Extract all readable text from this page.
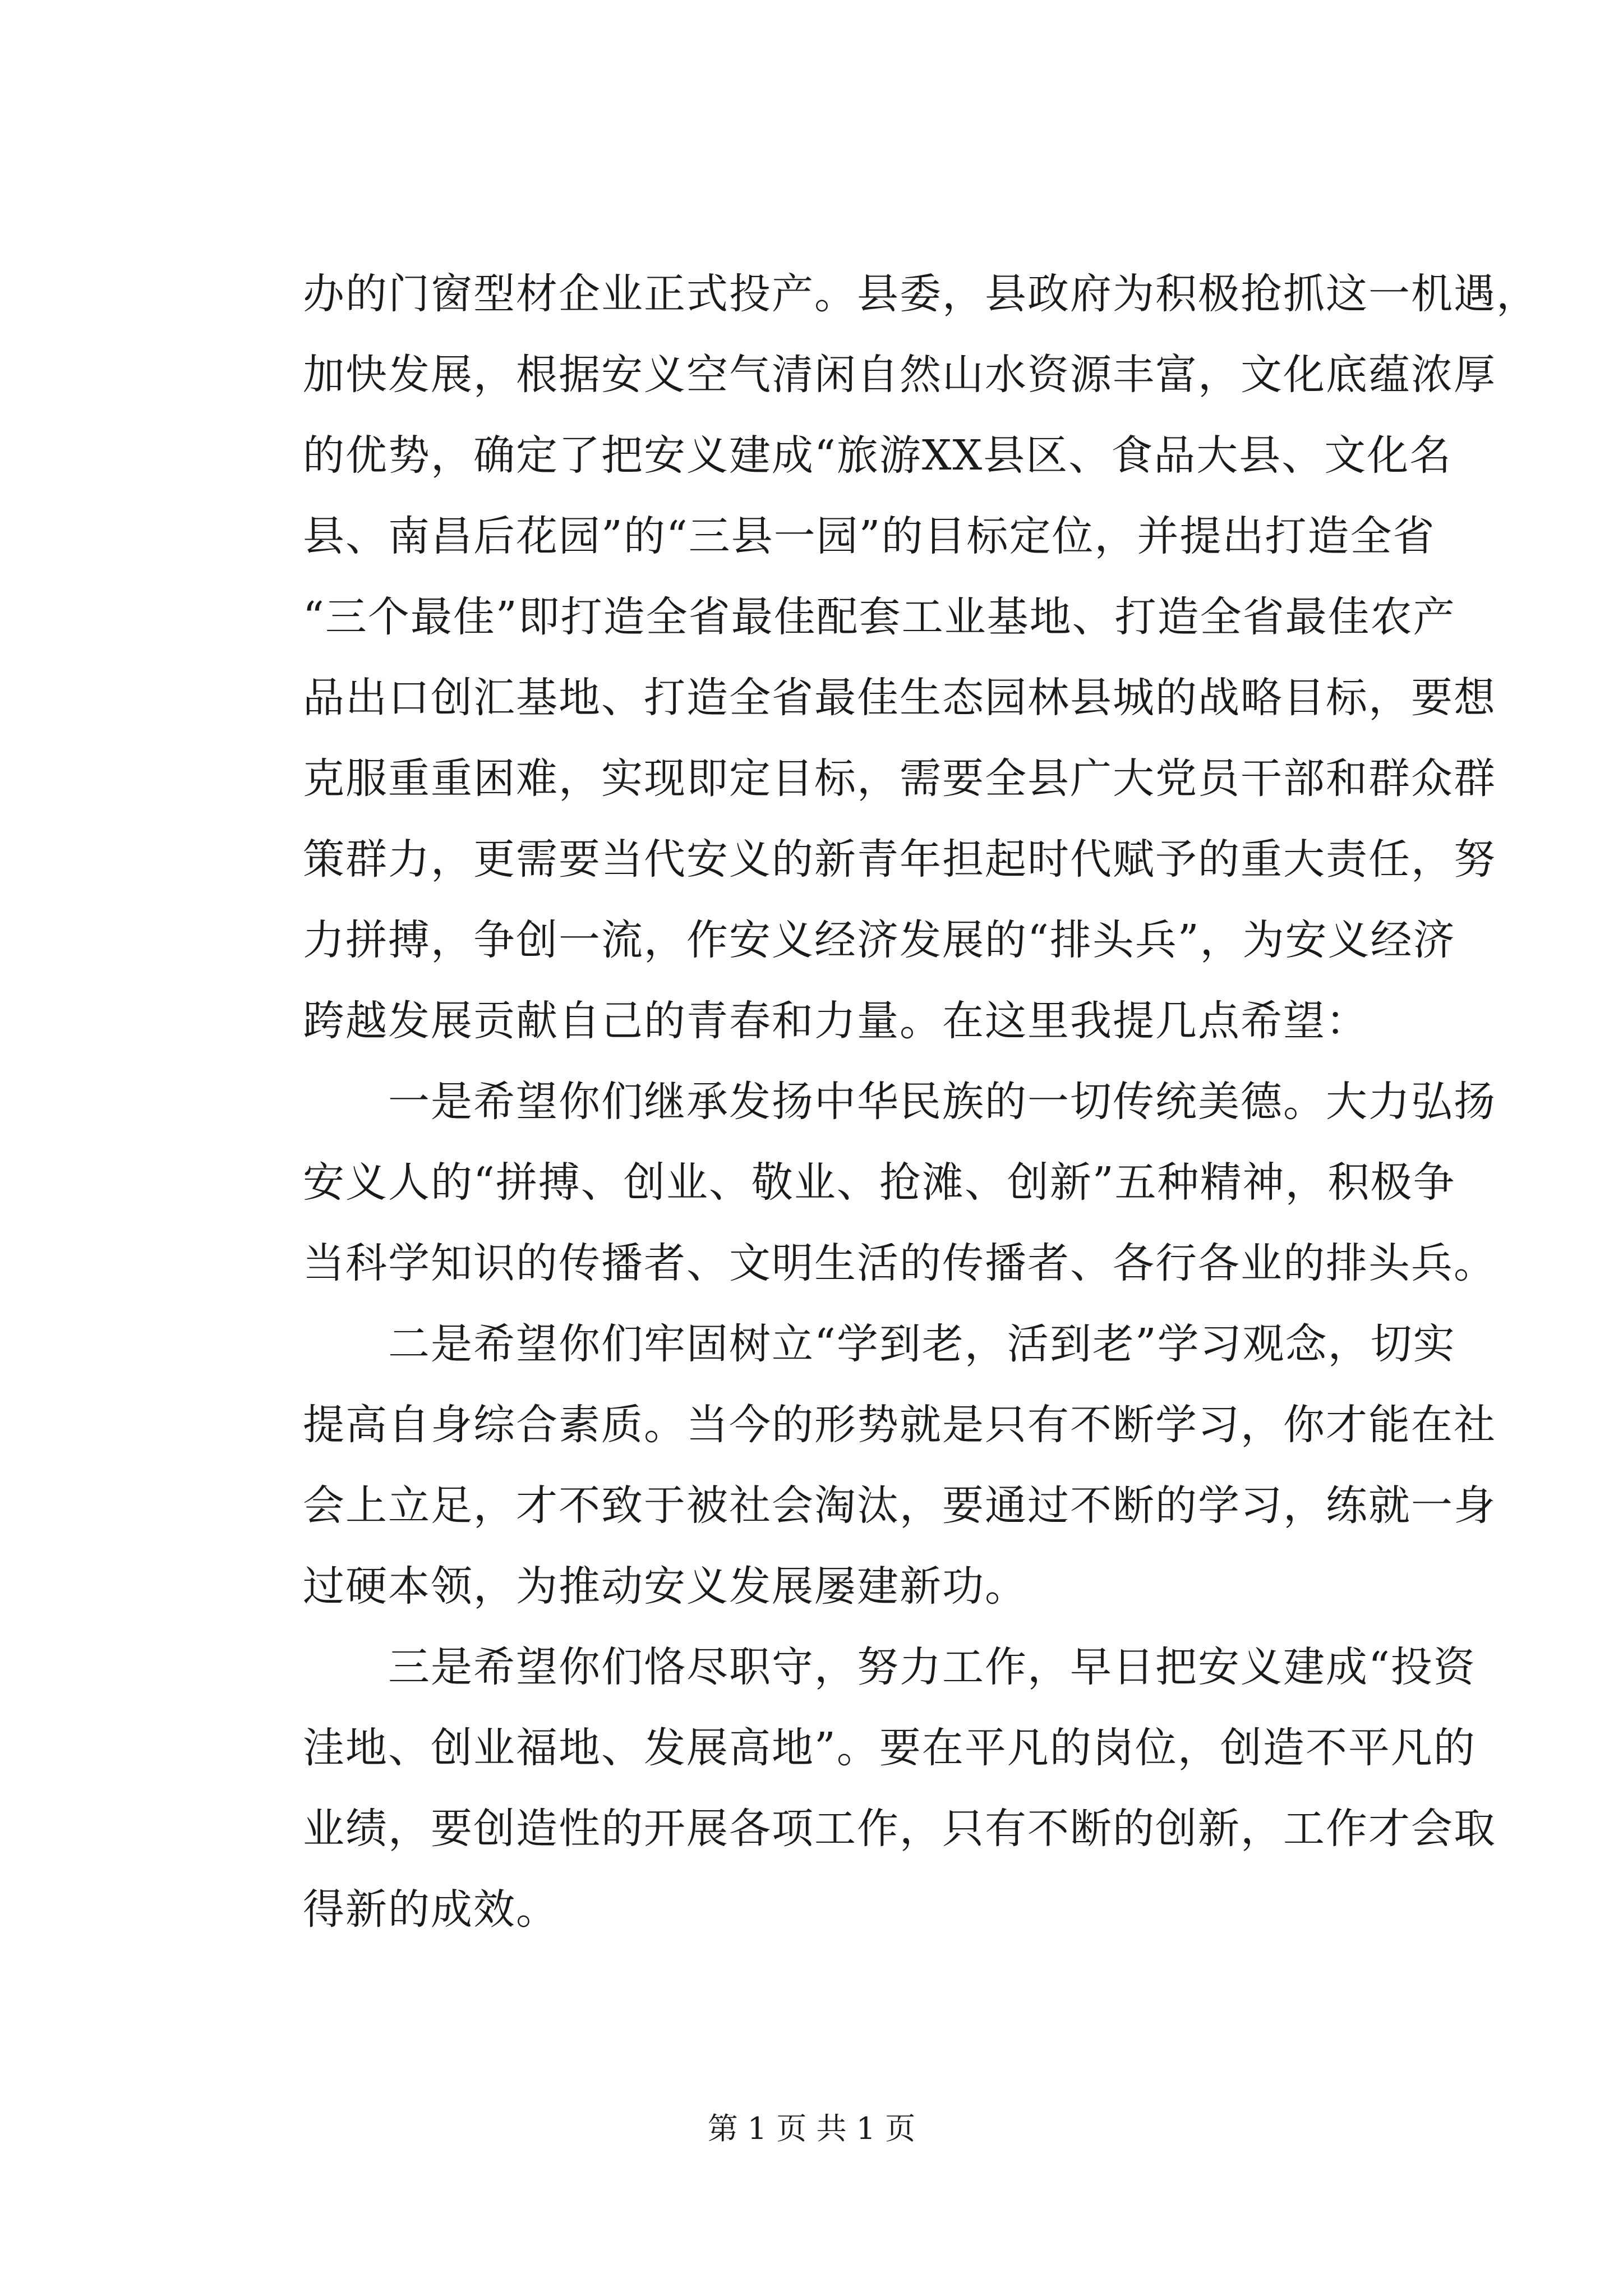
办的门窗型材企业正式投产。县委，县政府为积极抢抓这一机遇，
加快发展，根据安义空气清闲自然山水资源丰富，文化底蕴浓厚
的优势，确定了把安义建成“旅游XX县区、食品大县、文化名
县、南昌后花园”的“三县一园”的目标定位，并提出打造全省
“三个最佳”即打造全省最佳配套工业基地、打造全省最佳农产
品出口创汇基地、打造全省最佳生态园林县城的战略目标，要想
克服重重困难，实现即定目标，需要全县广大党员干部和群众群
策群力，更需要当代安义的新青年担起时代赋予的重大责任，努
力拼搏，争创一流，作安义经济发展的“排头兵”，为安义经济
跨越发展贡献自己的青春和力量。在这里我提几点希望：
一是希望你们继承发扬中华民族的一切传统美德。大力弘扬
安义人的“拼搏、创业、敬业、抢滩、创新”五种精神，积极争
当科学知识的传播者、文明生活的传播者、各行各业的排头兵。
二是希望你们牢固树立“学到老，活到老”学习观念，切实
提高自身综合素质。当今的形势就是只有不断学习，你才能在社
会上立足，才不致于被社会淘汰，要通过不断的学习，练就一身
过硬本领，为推动安义发展屡建新功。
三是希望你们恪尽职守，努力工作，早日把安义建成“投资
洼地、创业福地、发展高地”。要在平凡的岗位，创造不平凡的
业绩，要创造性的开展各项工作，只有不断的创新，工作才会取
得新的成效。
第 1 页 共 1 页
